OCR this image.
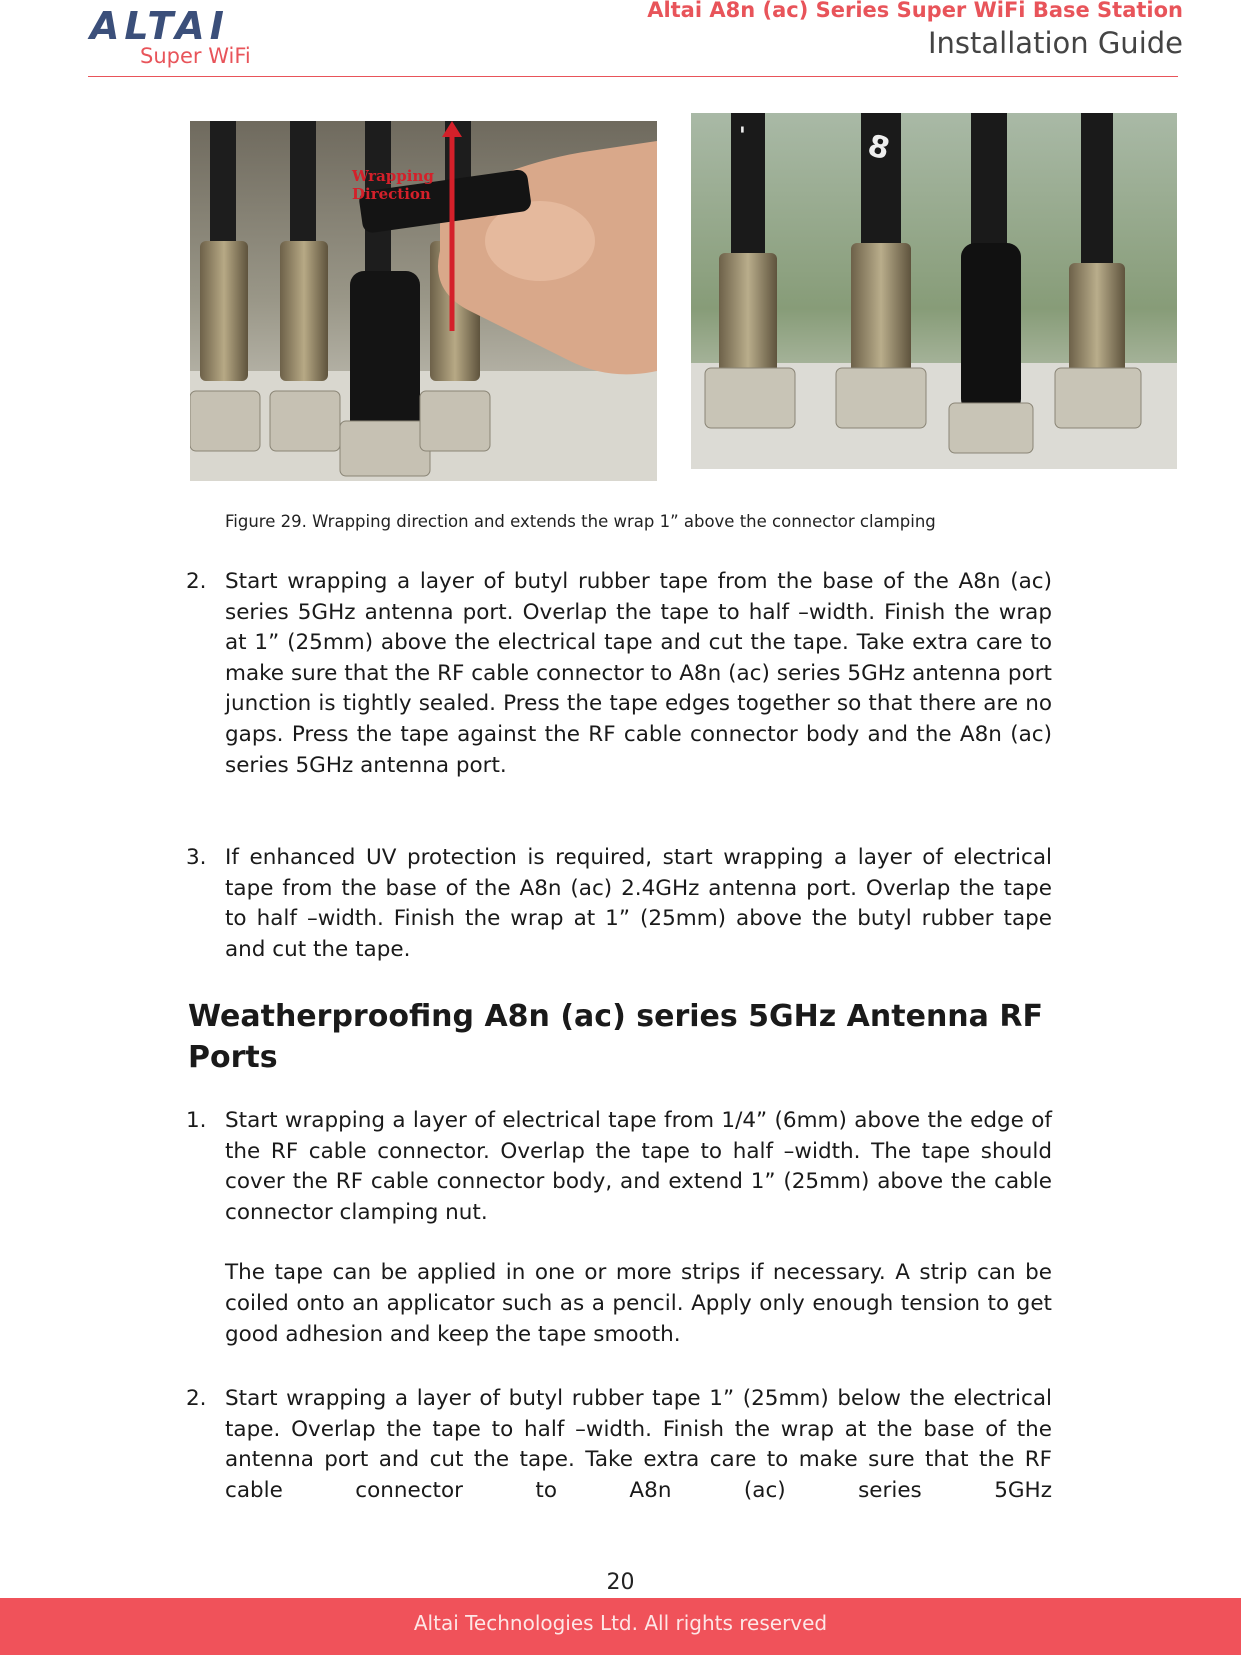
ALTAI
Super WiFi
Altai A8n (ac) Series Super WiFi Base Station
Installation Guide
Wrapping
Direction
8
'
Figure 29. Wrapping direction and extends the wrap 1” above the connector clamping
2. Start wrapping a layer of butyl rubber tape from the base of the A8n (ac) series 5GHz antenna port. Overlap the tape to half –width. Finish the wrap at 1” (25mm) above the electrical tape and cut the tape. Take extra care to make sure that the RF cable connector to A8n (ac) series 5GHz antenna port junction is tightly sealed. Press the tape edges together so that there are no gaps. Press the tape against the RF cable connector body and the A8n (ac) series 5GHz antenna port.
3. If enhanced UV protection is required, start wrapping a layer of electrical tape from the base of the A8n (ac) 2.4GHz antenna port. Overlap the tape to half –width. Finish the wrap at 1” (25mm) above the butyl rubber tape and cut the tape.
Weatherproofing A8n (ac) series 5GHz Antenna RF Ports
1. Start wrapping a layer of electrical tape from 1/4” (6mm) above the edge of the RF cable connector. Overlap the tape to half –width. The tape should cover the RF cable connector body, and extend 1” (25mm) above the cable connector clamping nut.
The tape can be applied in one or more strips if necessary. A strip can be coiled onto an applicator such as a pencil. Apply only enough tension to get good adhesion and keep the tape smooth.
2. Start wrapping a layer of butyl rubber tape 1” (25mm) below the electrical tape. Overlap the tape to half –width. Finish the wrap at the base of the antenna port and cut the tape. Take extra care to make sure that the RF cable connector to A8n (ac) series 5GHz
20
Altai Technologies Ltd. All rights reserved
